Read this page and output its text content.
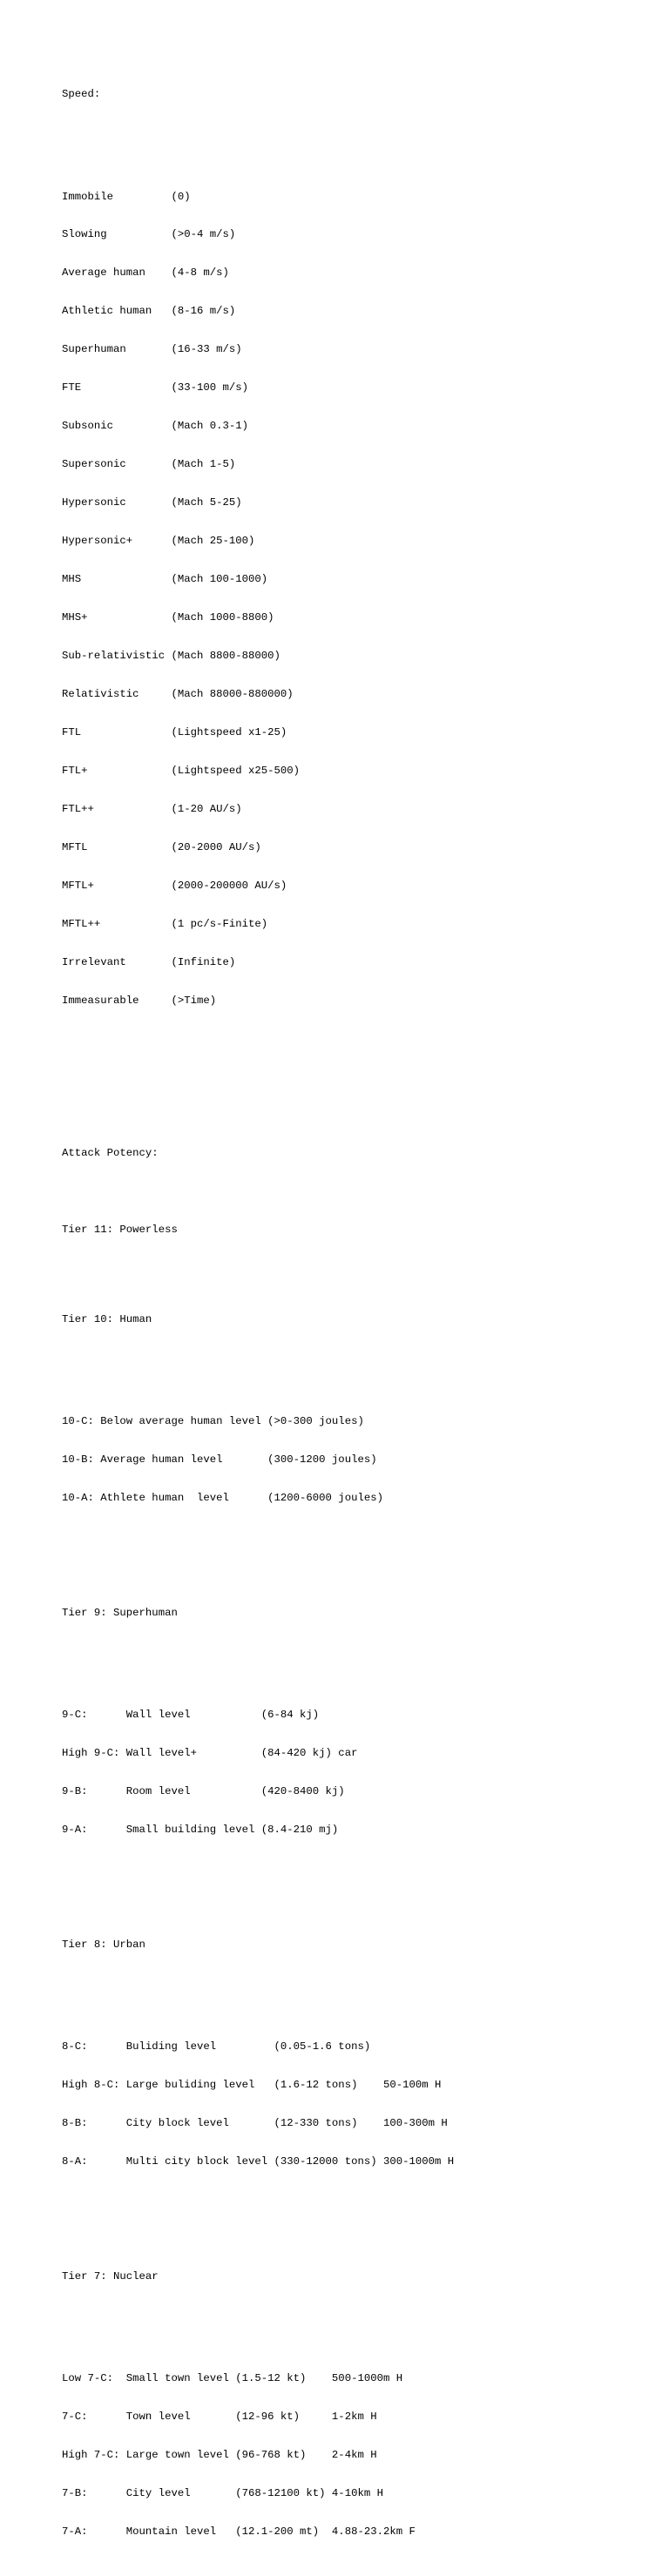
Speed:

Immobile         (0)

Slowing          (>0-4 m/s)

Average human    (4-8 m/s)

Athletic human   (8-16 m/s)

Superhuman       (16-33 m/s)

FTE              (33-100 m/s)

Subsonic         (Mach 0.3-1)

Supersonic       (Mach 1-5)

Hypersonic       (Mach 5-25)

Hypersonic+      (Mach 25-100)

MHS              (Mach 100-1000)

MHS+             (Mach 1000-8800)

Sub-relativistic (Mach 8800-88000)

Relativistic     (Mach 88000-880000)

FTL              (Lightspeed x1-25)

FTL+             (Lightspeed x25-500)

FTL++            (1-20 AU/s)

MFTL             (20-2000 AU/s)

MFTL+            (2000-200000 AU/s)

MFTL++           (1 pc/s-Finite)

Irrelevant       (Infinite)

Immeasurable     (>Time)

Attack Potency:

Tier 11: Powerless

Tier 10: Human

10-C: Below average human level (>0-300 joules)

10-B: Average human level       (300-1200 joules)

10-A: Athlete human  level      (1200-6000 joules)

Tier 9: Superhuman

9-C:      Wall level           (6-84 kj)

High 9-C: Wall level+          (84-420 kj) car

9-B:      Room level           (420-8400 kj)

9-A:      Small building level (8.4-210 mj)

Tier 8: Urban

8-C:      Buliding level         (0.05-1.6 tons)

High 8-C: Large buliding level   (1.6-12 tons)    50-100m H

8-B:      City block level       (12-330 tons)    100-300m H

8-A:      Multi city block level (330-12000 tons) 300-1000m H

Tier 7: Nuclear

Low 7-C:  Small town level (1.5-12 kt)    500-1000m H

7-C:      Town level       (12-96 kt)     1-2km H

High 7-C: Large town level (96-768 kt)    2-4km H

7-B:      City level       (768-12100 kt) 4-10km H

7-A:      Mountain level   (12.1-200 mt)  4.88-23.2km F
